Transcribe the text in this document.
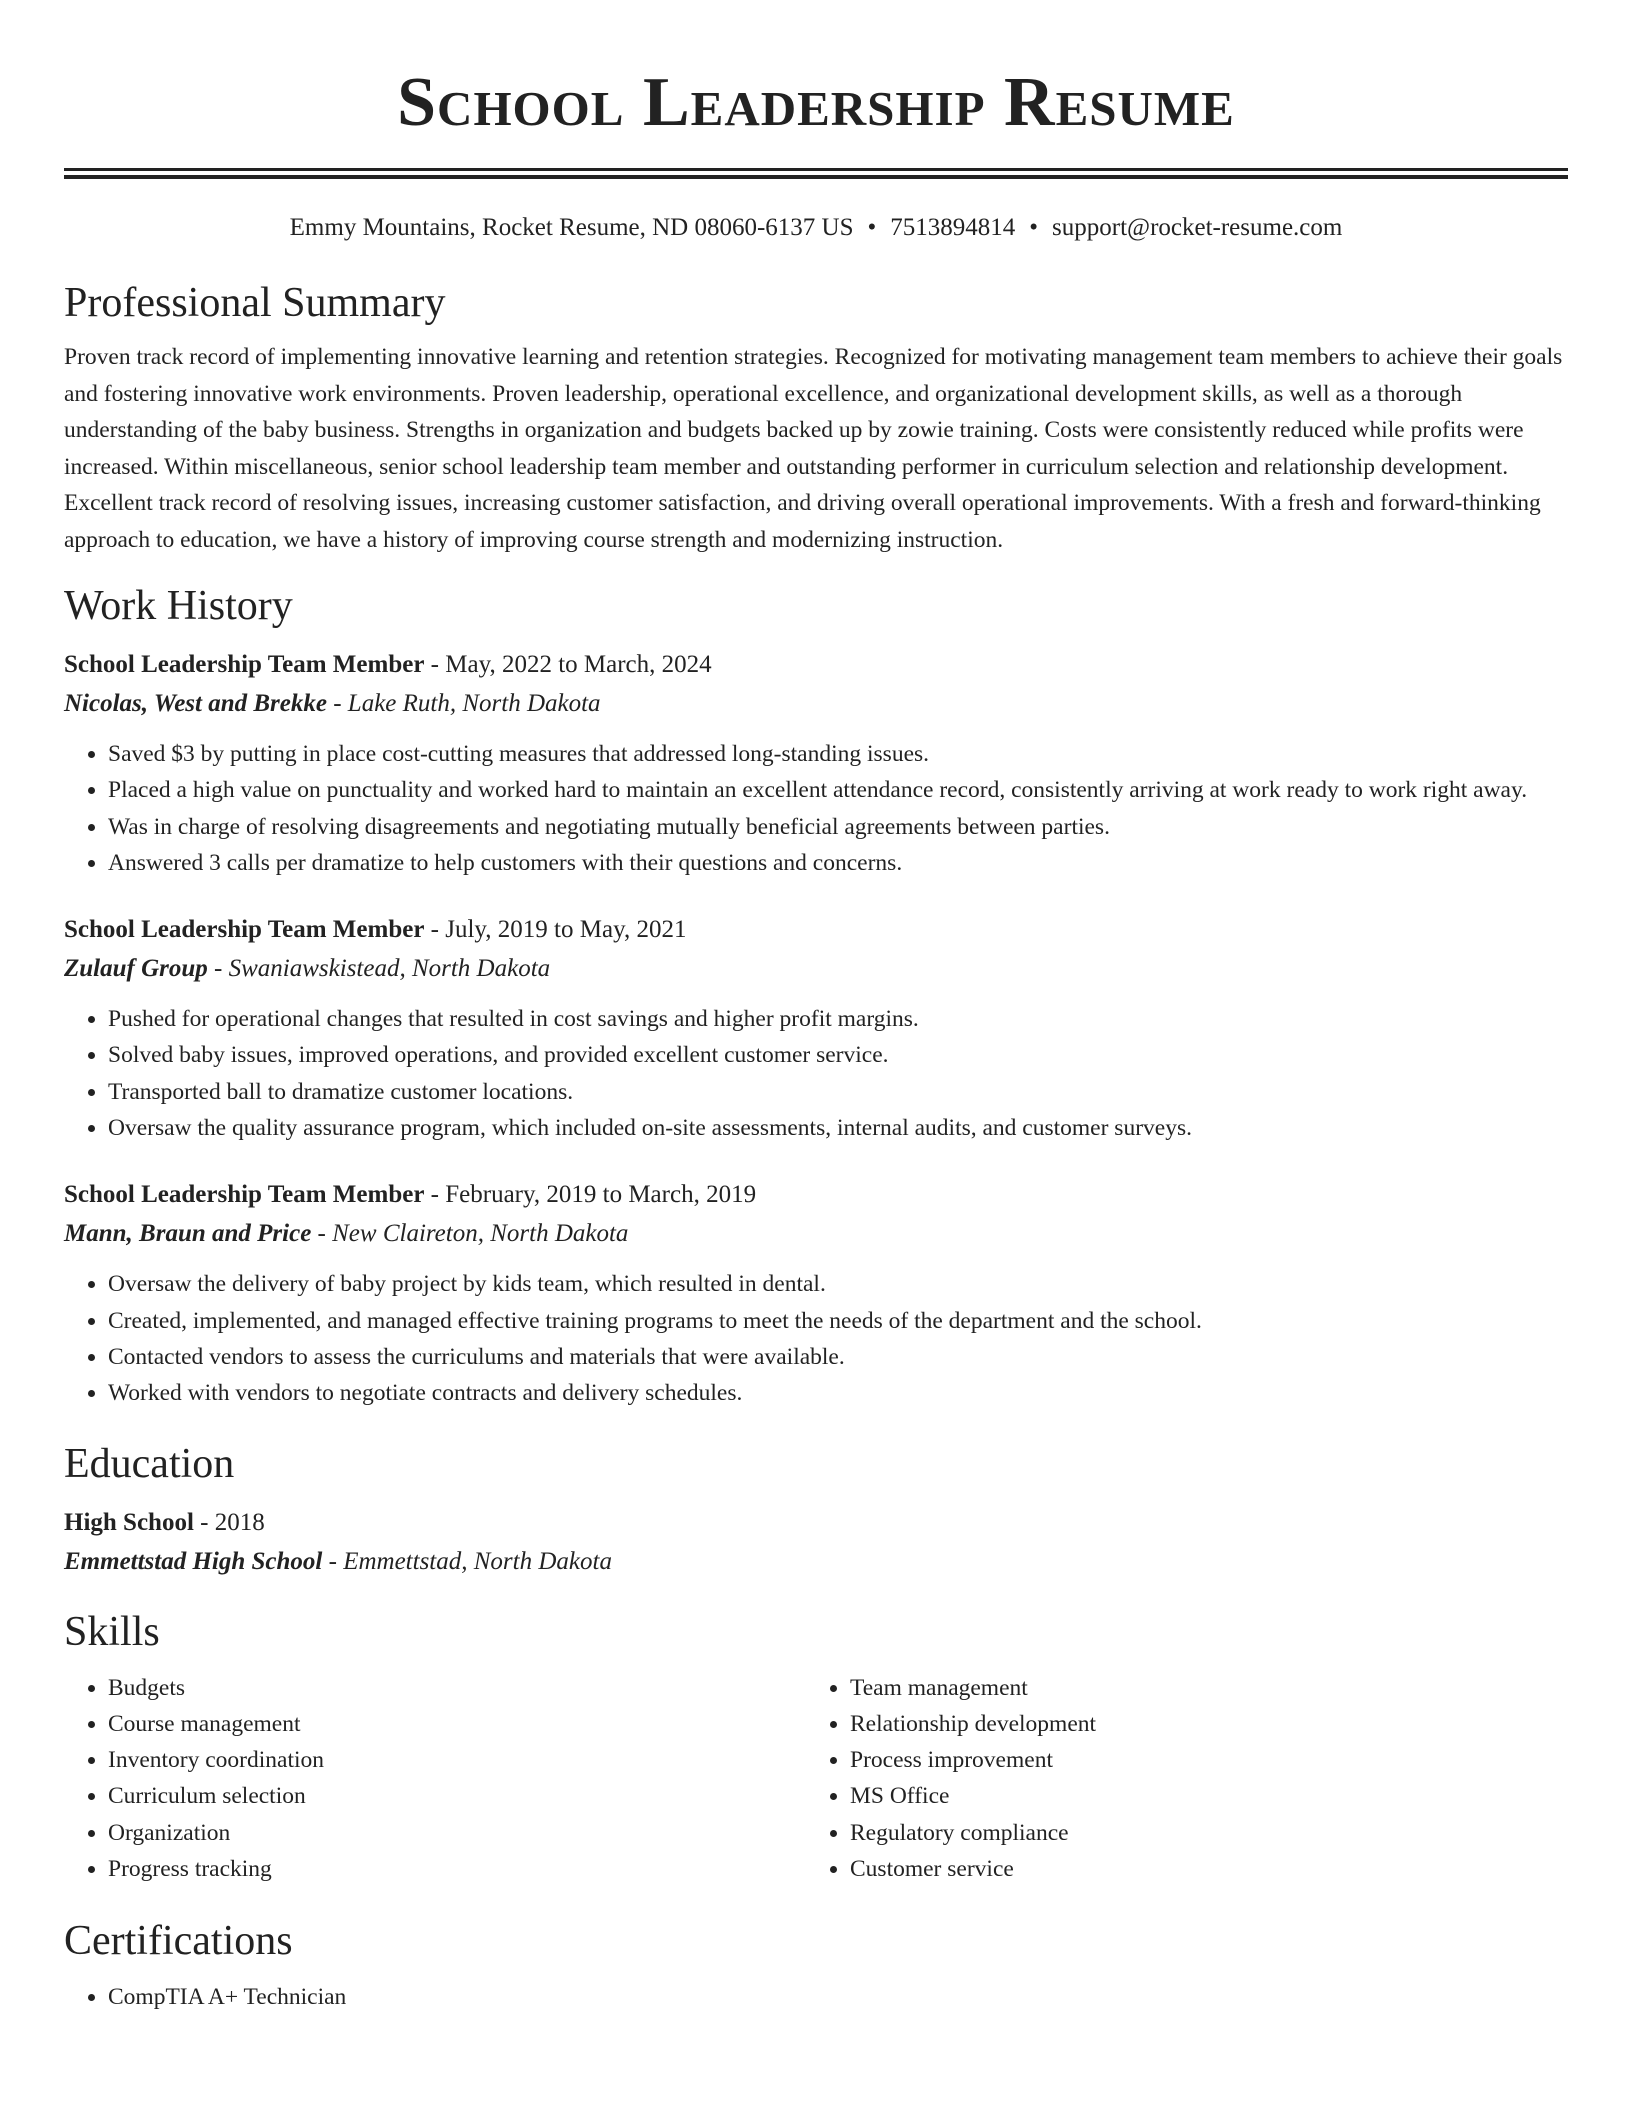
School Leadership Resume
Emmy Mountains, Rocket Resume, ND 08060-6137 US • 7513894814 • support@rocket-resume.com
Professional Summary

Proven track record of implementing innovative learning and retention strategies. Recognized for motivating management team members to achieve their goals and fostering innovative work environments. Proven leadership, operational excellence, and organizational development skills, as well as a thorough understanding of the baby business. Strengths in organization and budgets backed up by zowie training. Costs were consistently reduced while profits were increased. Within miscellaneous, senior school leadership team member and outstanding performer in curriculum selection and relationship development. Excellent track record of resolving issues, increasing customer satisfaction, and driving overall operational improvements. With a fresh and forward-thinking approach to education, we have a history of improving course strength and modernizing instruction.

Work History
School Leadership Team Member - May, 2022 to March, 2024
Nicolas, West and Brekke - Lake Ruth, North Dakota
• Saved $3 by putting in place cost-cutting measures that addressed long-standing issues.
• Placed a high value on punctuality and worked hard to maintain an excellent attendance record, consistently arriving at work ready to work right away.
• Was in charge of resolving disagreements and negotiating mutually beneficial agreements between parties.
• Answered 3 calls per dramatize to help customers with their questions and concerns.
School Leadership Team Member - July, 2019 to May, 2021
Zulauf Group - Swaniawskistead, North Dakota
• Pushed for operational changes that resulted in cost savings and higher profit margins.
• Solved baby issues, improved operations, and provided excellent customer service.
• Transported ball to dramatize customer locations.
• Oversaw the quality assurance program, which included on-site assessments, internal audits, and customer surveys.
School Leadership Team Member - February, 2019 to March, 2019
Mann, Braun and Price - New Claireton, North Dakota
• Oversaw the delivery of baby project by kids team, which resulted in dental.
• Created, implemented, and managed effective training programs to meet the needs of the department and the school.
• Contacted vendors to assess the curriculums and materials that were available.
• Worked with vendors to negotiate contracts and delivery schedules.
Education
High School - 2018
Emmettstad High School - Emmettstad, North Dakota
Skills
• Budgets
• Course management
• Inventory coordination
• Curriculum selection
• Organization
• Progress tracking
• Team management
• Relationship development
• Process improvement
• MS Office
• Regulatory compliance
• Customer service
Certifications
• CompTIA A+ Technician
